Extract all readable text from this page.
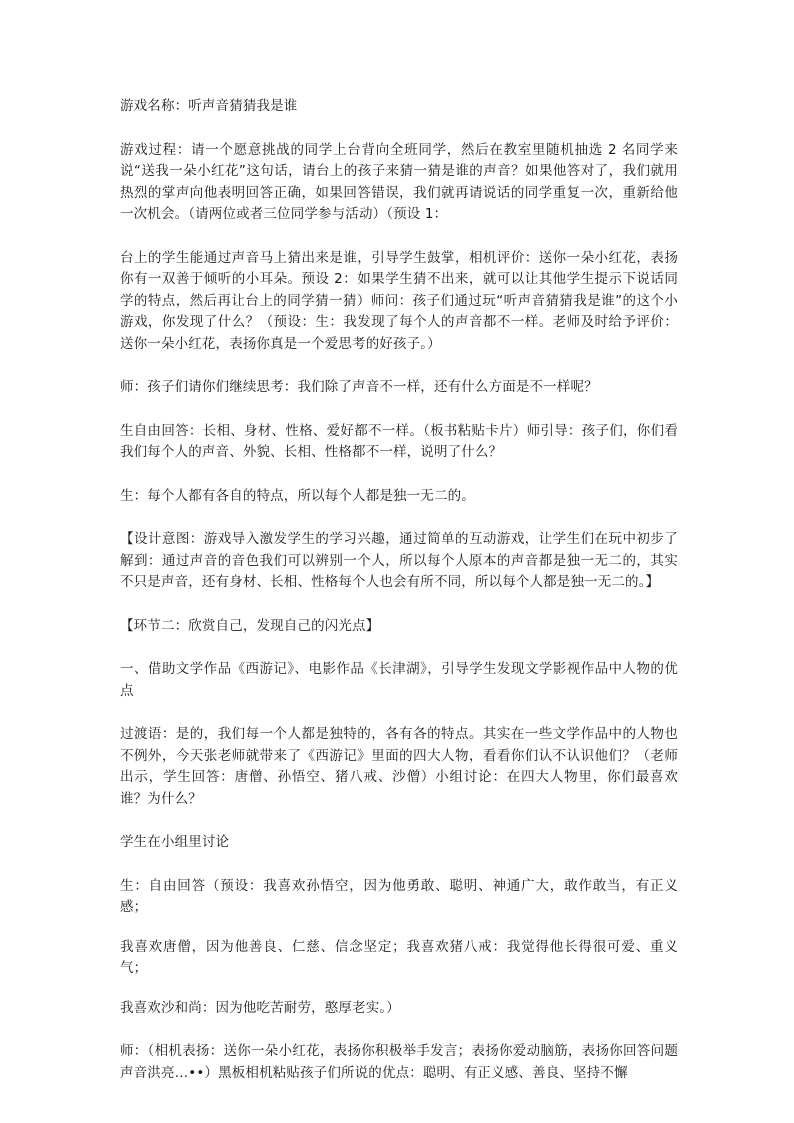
游戏名称：听声音猜猜我是谁

游戏过程：请一个愿意挑战的同学上台背向全班同学，然后在教室里随机抽选 2 名同学来说“送我一朵小红花”这句话，请台上的孩子来猜一猜是谁的声音？如果他答对了，我们就用热烈的掌声向他表明回答正确，如果回答错误，我们就再请说话的同学重复一次，重新给他一次机会。（请两位或者三位同学参与活动）（预设 1：

台上的学生能通过声音马上猜出来是谁，引导学生鼓掌，相机评价：送你一朵小红花，表扬你有一双善于倾听的小耳朵。预设 2：如果学生猜不出来，就可以让其他学生提示下说话同学的特点，然后再让台上的同学猜一猜）师问：孩子们通过玩“听声音猜猜我是谁”的这个小游戏，你发现了什么？（预设：生：我发现了每个人的声音都不一样。老师及时给予评价：送你一朵小红花，表扬你真是一个爱思考的好孩子。）

师：孩子们请你们继续思考：我们除了声音不一样，还有什么方面是不一样呢？

生自由回答：长相、身材、性格、爱好都不一样。（板书粘贴卡片）师引导：孩子们，你们看我们每个人的声音、外貌、长相、性格都不一样，说明了什么？

生：每个人都有各自的特点，所以每个人都是独一无二的。

【设计意图：游戏导入激发学生的学习兴趣，通过简单的互动游戏，让学生们在玩中初步了解到：通过声音的音色我们可以辨别一个人，所以每个人原本的声音都是独一无二的，其实不只是声音，还有身材、长相、性格每个人也会有所不同，所以每个人都是独一无二的。】

【环节二：欣赏自己，发现自己的闪光点】

一、借助文学作品《西游记》、电影作品《长津湖》，引导学生发现文学影视作品中人物的优点

过渡语：是的，我们每一个人都是独特的，各有各的特点。其实在一些文学作品中的人物也不例外，今天张老师就带来了《西游记》里面的四大人物，看看你们认不认识他们？（老师出示，学生回答：唐僧、孙悟空、猪八戒、沙僧）小组讨论：在四大人物里，你们最喜欢谁？为什么？

学生在小组里讨论

生：自由回答（预设：我喜欢孙悟空，因为他勇敢、聪明、神通广大，敢作敢当，有正义感；

我喜欢唐僧，因为他善良、仁慈、信念坚定；我喜欢猪八戒：我觉得他长得很可爱、重义气；

我喜欢沙和尚：因为他吃苦耐劳，憨厚老实。）

师：（相机表扬：送你一朵小红花，表扬你积极举手发言；表扬你爱动脑筋，表扬你回答问题声音洪亮…••）黑板相机粘贴孩子们所说的优点：聪明、有正义感、善良、坚持不懈
